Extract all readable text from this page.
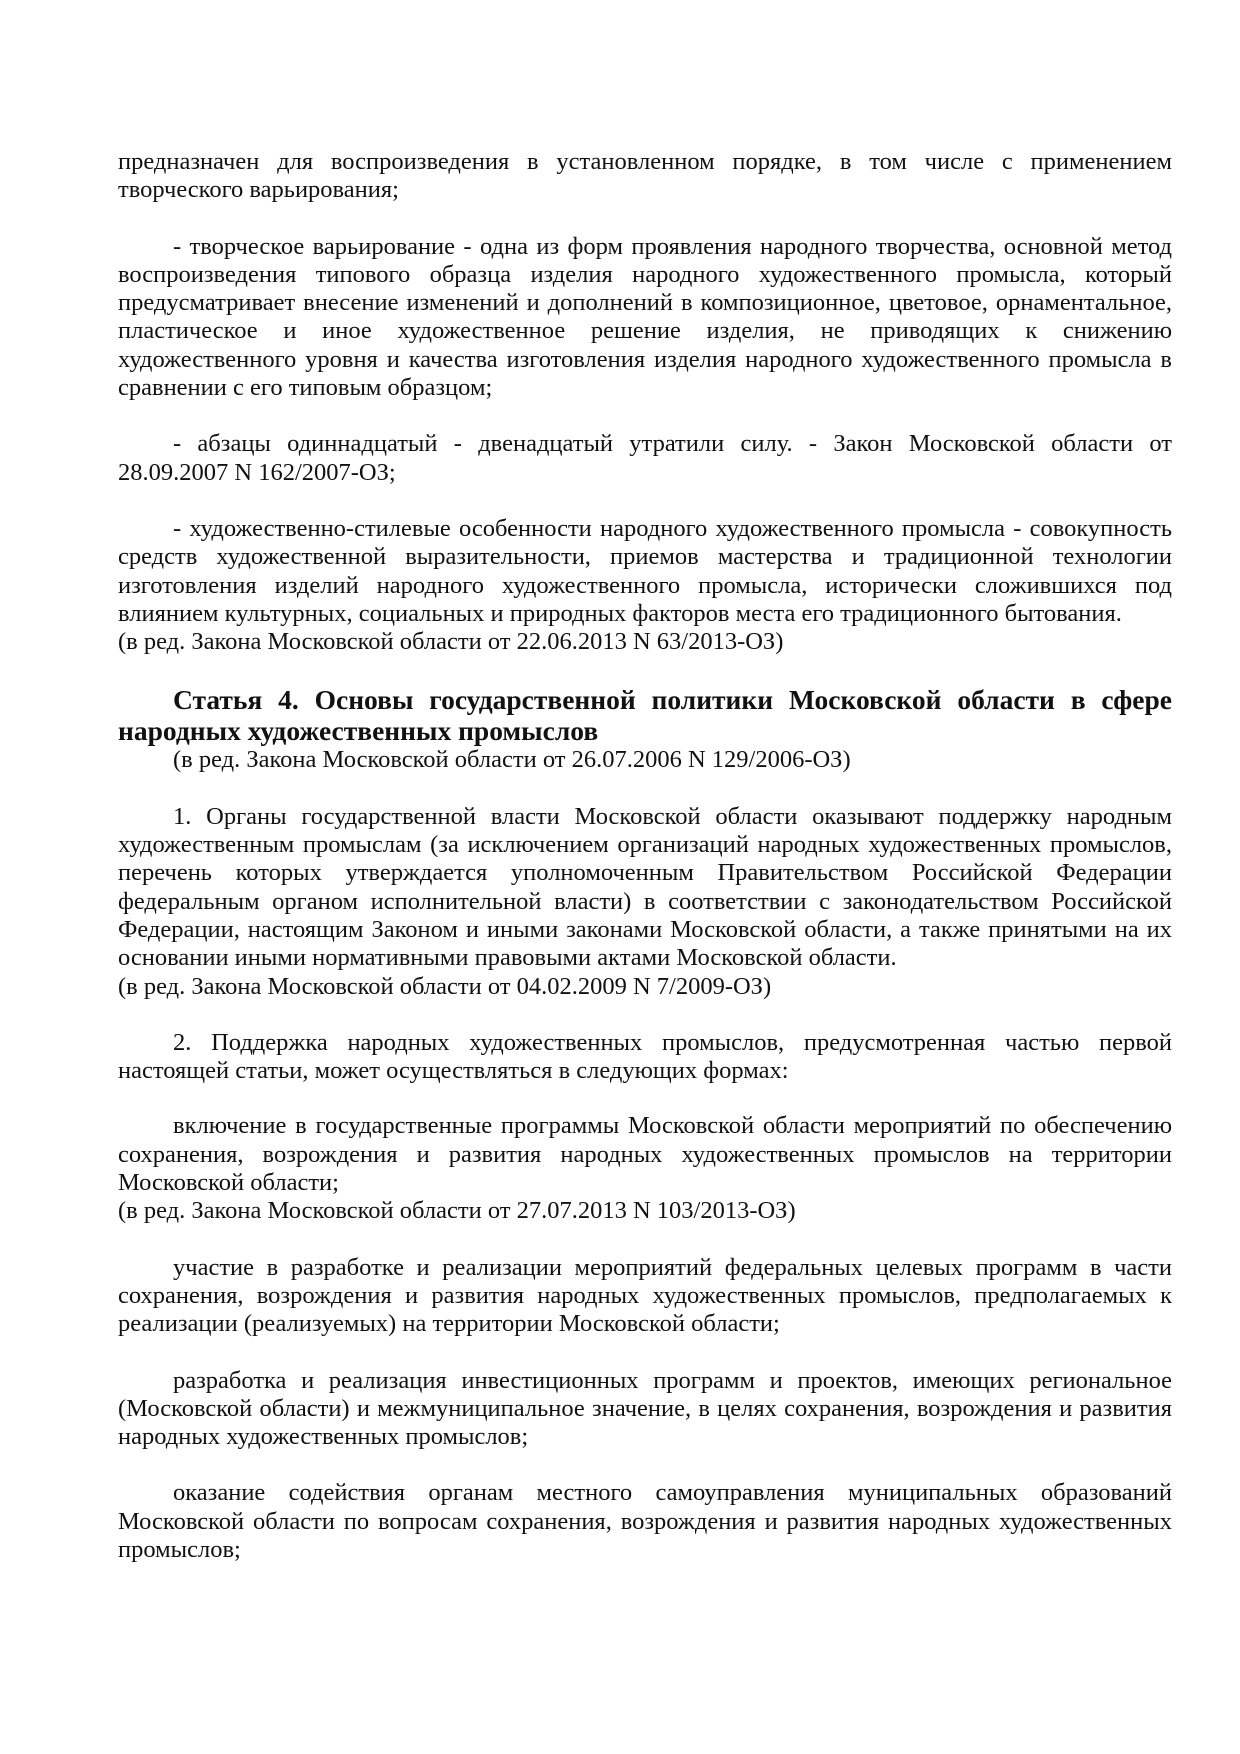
предназначен для воспроизведения в установленном порядке, в том числе с применением творческого варьирования;

- творческое варьирование - одна из форм проявления народного творчества, основной метод воспроизведения типового образца изделия народного художественного промысла, который предусматривает внесение изменений и дополнений в композиционное, цветовое, орнаментальное, пластическое и иное художественное решение изделия, не приводящих к снижению художественного уровня и качества изготовления изделия народного художественного промысла в сравнении с его типовым образцом;

- абзацы одиннадцатый - двенадцатый утратили силу. - Закон Московской области от 28.09.2007 N 162/2007-ОЗ;

- художественно-стилевые особенности народного художественного промысла - совокупность средств художественной выразительности, приемов мастерства и традиционной технологии изготовления изделий народного художественного промысла, исторически сложившихся под влиянием культурных, социальных и природных факторов места его традиционного бытования.

(в ред. Закона Московской области от 22.06.2013 N 63/2013-ОЗ)

Статья 4. Основы государственной политики Московской области в сфере народных художественных промыслов

(в ред. Закона Московской области от 26.07.2006 N 129/2006-ОЗ)

1. Органы государственной власти Московской области оказывают поддержку народным художественным промыслам (за исключением организаций народных художественных промыслов, перечень которых утверждается уполномоченным Правительством Российской Федерации федеральным органом исполнительной власти) в соответствии с законодательством Российской Федерации, настоящим Законом и иными законами Московской области, а также принятыми на их основании иными нормативными правовыми актами Московской области.

(в ред. Закона Московской области от 04.02.2009 N 7/2009-ОЗ)

2. Поддержка народных художественных промыслов, предусмотренная частью первой настоящей статьи, может осуществляться в следующих формах:

включение в государственные программы Московской области мероприятий по обеспечению сохранения, возрождения и развития народных художественных промыслов на территории Московской области;

(в ред. Закона Московской области от 27.07.2013 N 103/2013-ОЗ)

участие в разработке и реализации мероприятий федеральных целевых программ в части сохранения, возрождения и развития народных художественных промыслов, предполагаемых к реализации (реализуемых) на территории Московской области;

разработка и реализация инвестиционных программ и проектов, имеющих региональное (Московской области) и межмуниципальное значение, в целях сохранения, возрождения и развития народных художественных промыслов;

оказание содействия органам местного самоуправления муниципальных образований Московской области по вопросам сохранения, возрождения и развития народных художественных промыслов;
